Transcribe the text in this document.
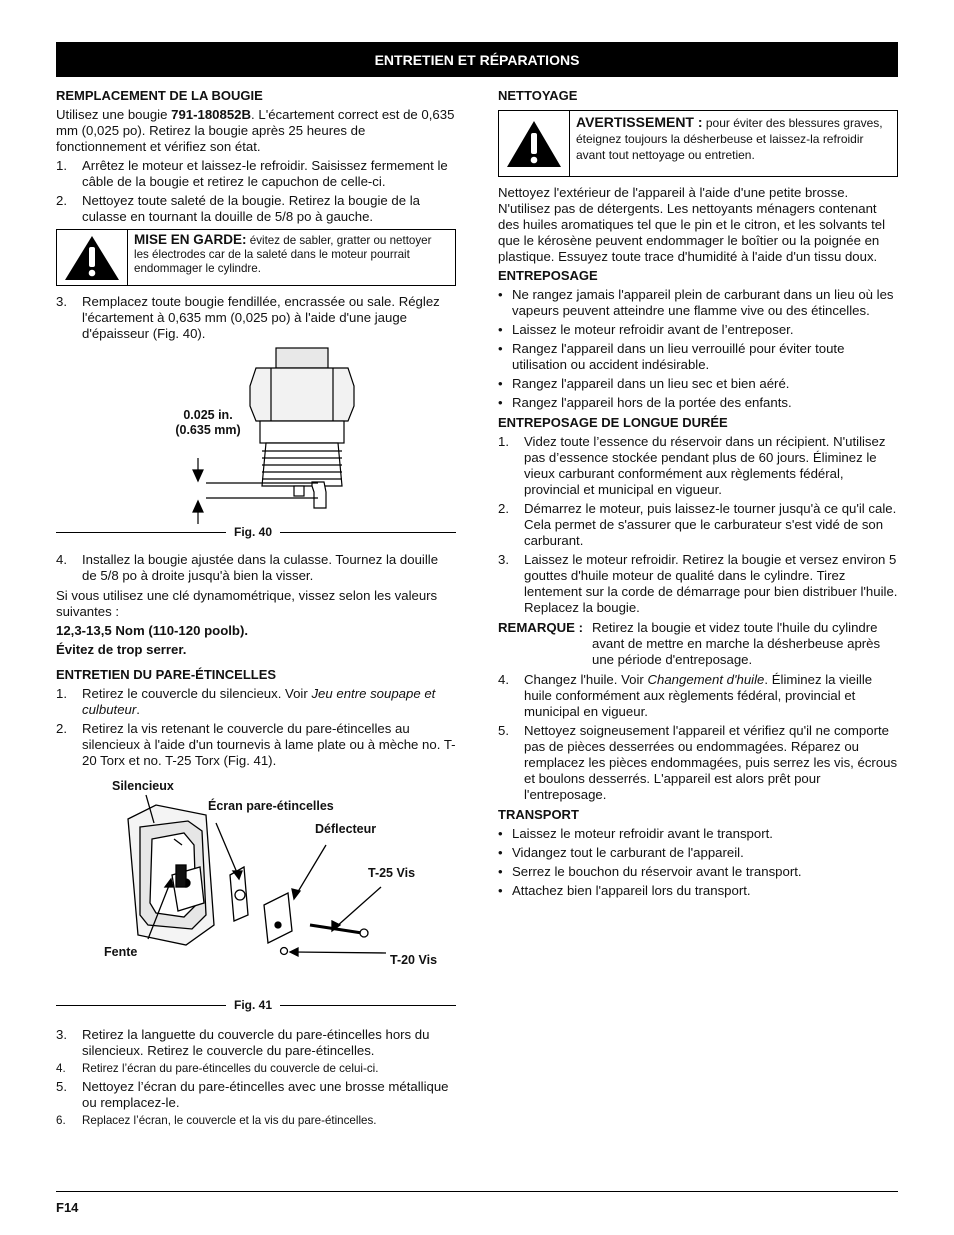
ENTRETIEN ET RÉPARATIONS
REMPLACEMENT DE LA BOUGIE

Utilisez une bougie 791-180852B. L'écartement correct est de 0,635 mm (0,025 po). Retirez la bougie après 25 heures de fonctionnement et vérifiez son état.

1.	Arrêtez le moteur et laissez-le refroidir. Saisissez fermement le câble de la bougie et retirez le capuchon de celle-ci.
2.	Nettoyez toute saleté de la bougie. Retirez la bougie de la culasse en tournant la douille de 5/8 po à gauche.
MISE EN GARDE: évitez de sabler, gratter ou nettoyer les électrodes car de la saleté dans le moteur pourrait endommager le cylindre.
3.	Remplacez toute bougie fendillée, encrassée ou sale. Réglez l'écartement à 0,635 mm (0,025 po) à l'aide d'une jauge d'épaisseur (Fig. 40).
0.025 in.
(0.635 mm)
Fig. 40
4.	Installez la bougie ajustée dans la culasse. Tournez la douille de 5/8 po à droite jusqu'à bien la visser.

Si vous utilisez une clé dynamométrique, vissez selon les valeurs suivantes :

12,3-13,5 Nom (110-120 poolb).

Évitez de trop serrer.

ENTRETIEN DU PARE-ÉTINCELLES
1.	Retirez le couvercle du silencieux. Voir Jeu entre soupape et culbuteur.
2.	Retirez la vis retenant le couvercle du pare-étincelles au silencieux à l'aide d'un tournevis à lame plate ou à mèche no. T-20 Torx et no. T-25 Torx (Fig. 41).
Silencieux
Écran pare-étincelles
Déflecteur
T-25 Vis
Fente
T-20 Vis
Fig. 41
3.	Retirez la languette du couvercle du pare-étincelles hors du silencieux. Retirez le couvercle du pare-étincelles.
4.	Retirez l’écran du pare-étincelles du couvercle de celui-ci.
5.	Nettoyez l’écran du pare-étincelles avec une brosse métallique ou remplacez-le.
6.	Replacez l’écran, le couvercle et la vis du pare-étincelles.
NETTOYAGE
AVERTISSEMENT : pour éviter des blessures graves, éteignez toujours la désherbeuse et laissez-la refroidir avant tout nettoyage ou entretien.

Nettoyez l'extérieur de l'appareil à l'aide d'une petite brosse. N'utilisez pas de détergents. Les nettoyants ménagers contenant des huiles aromatiques tel que le pin et le citron, et les solvants tel que le kérosène peuvent endommager le boîtier ou la poignée en plastique. Essuyez toute trace d'humidité à l'aide d'un tissu doux.

ENTREPOSAGE
• Ne rangez jamais l'appareil plein de carburant dans un lieu où les vapeurs peuvent atteindre une flamme vive ou des étincelles.
• Laissez le moteur refroidir avant de l’entreposer.
• Rangez l'appareil dans un lieu verrouillé pour éviter toute utilisation ou accident indésirable.
• Rangez l'appareil dans un lieu sec et bien aéré.
• Rangez l'appareil hors de la portée des enfants.
ENTREPOSAGE DE LONGUE DURÉE
1.	Videz toute l’essence du réservoir dans un récipient. N'utilisez pas d’essence stockée pendant plus de 60 jours. Éliminez le vieux carburant conformément aux règlements fédéral, provincial et municipal en vigueur.
2.	Démarrez le moteur, puis laissez-le tourner jusqu'à ce qu'il cale. Cela permet de s'assurer que le carburateur s'est vidé de son carburant.
3.	Laissez le moteur refroidir. Retirez la bougie et versez environ 5 gouttes d'huile moteur de qualité dans le cylindre. Tirez lentement sur la corde de démarrage pour bien distribuer l'huile. Replacez la bougie.
REMARQUE : Retirez la bougie et videz toute l'huile du cylindre avant de mettre en marche la désherbeuse après une période d'entreposage.
4.	Changez l'huile. Voir Changement d'huile. Éliminez la vieille huile conformément aux règlements fédéral, provincial et municipal en vigueur.
5.	Nettoyez soigneusement l'appareil et vérifiez qu'il ne comporte pas de pièces desserrées ou endommagées. Réparez ou remplacez les pièces endommagées, puis serrez les vis, écrous et boulons desserrés. L'appareil est alors prêt pour l'entreposage.
TRANSPORT
• Laissez le moteur refroidir avant le transport.
• Vidangez tout le carburant de l'appareil.
• Serrez le bouchon du réservoir avant le transport.
• Attachez bien l'appareil lors du transport.
F14
